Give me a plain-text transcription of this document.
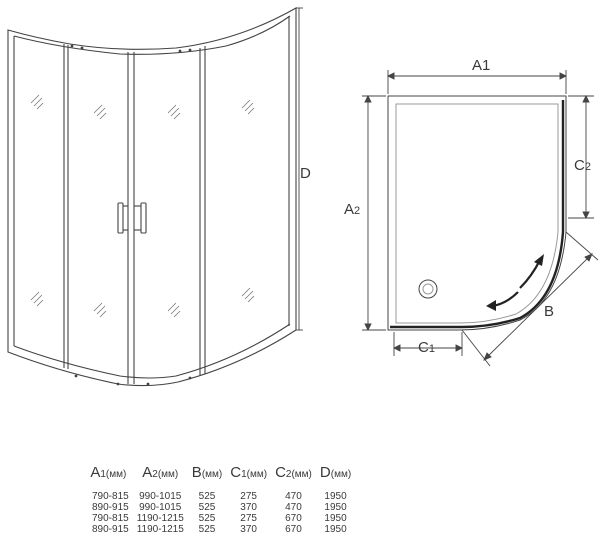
D
A1
A2
C2
B
C1
A1(мм)	A2(мм)	B(мм)	C1(мм)	C2(мм)	D(мм)
790-815	990-1015	525	275	470	1950
890-915	990-1015	525	370	470	1950
790-815	1190-1215	525	275	670	1950
890-915	1190-1215	525	370	670	1950
